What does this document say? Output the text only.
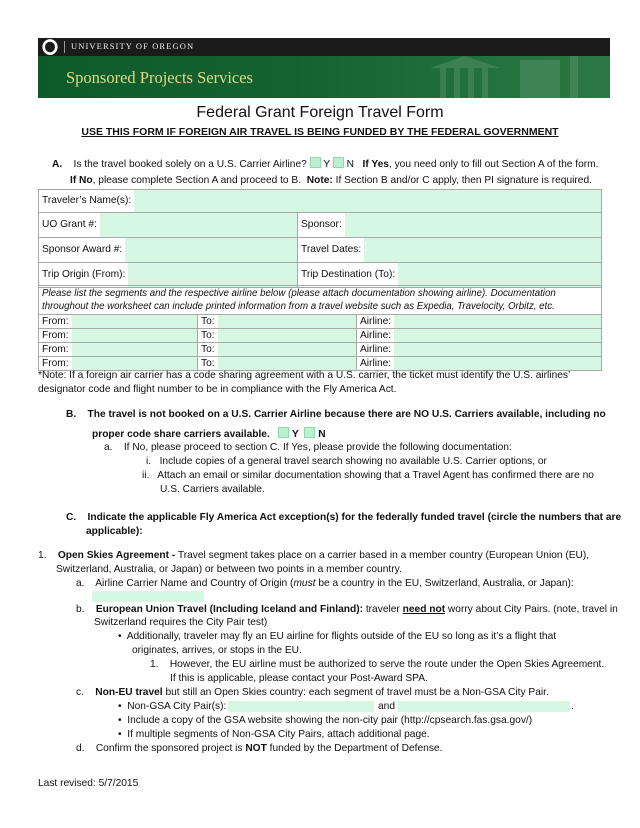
UNIVERSITY OF OREGON
Sponsored Projects Services
Federal Grant Foreign Travel Form
USE THIS FORM IF FOREIGN AIR TRAVEL IS BEING FUNDED BY THE FEDERAL GOVERNMENT
A. Is the travel booked solely on a U.S. Carrier Airline? Y N If Yes, you need only to fill out Section A of the form.
If No, please complete Section A and proceed to B. Note: If Section B and/or C apply, then PI signature is required.
Traveler’s Name(s):	
UO Grant #:	Sponsor:
Sponsor Award #:	Travel Dates:
Trip Origin (From):	Trip Destination (To):
Please list the segments and the respective airline below (please attach documentation showing airline). Documentation throughout the worksheet can include printed information from a travel website such as Expedia, Travelocity, Orbitz, etc.		
From:	To:	Airline:
From:	To:	Airline:
From:	To:	Airline:
From:	To:	Airline:
*Note: If a foreign air carrier has a code sharing agreement with a U.S. carrier, the ticket must identify the U.S. airlines’ designator code and flight number to be in compliance with the Fly America Act.
B. The travel is not booked on a U.S. Carrier Airline because there are NO U.S. Carriers available, including no
proper code share carriers available. Y N
a. If No, please proceed to section C. If Yes, please provide the following documentation:
i. Include copies of a general travel search showing no available U.S. Carrier options, or
ii. Attach an email or similar documentation showing that a Travel Agent has confirmed there are no
U.S. Carriers available.
C. Indicate the applicable Fly America Act exception(s) for the federally funded travel (circle the numbers that are
applicable):
1. Open Skies Agreement - Travel segment takes place on a carrier based in a member country (European Union (EU),
Switzerland, Australia, or Japan) or between two points in a member country.
a. Airline Carrier Name and Country of Origin (must be a country in the EU, Switzerland, Australia, or Japan):
b. European Union Travel (Including Iceland and Finland): traveler need not worry about City Pairs. (note, travel in
Switzerland requires the City Pair test)
• Additionally, traveler may fly an EU airline for flights outside of the EU so long as it’s a flight that
originates, arrives, or stops in the EU.
1. However, the EU airline must be authorized to serve the route under the Open Skies Agreement.
If this is applicable, please contact your Post-Award SPA.
c. Non-EU travel but still an Open Skies country: each segment of travel must be a Non-GSA City Pair.
• Non-GSA City Pair(s):	and	.
• Include a copy of the GSA website showing the non-city pair (http://cpsearch.fas.gsa.gov/)
• If multiple segments of Non-GSA City Pairs, attach additional page.
d. Confirm the sponsored project is NOT funded by the Department of Defense.
Last revised: 5/7/2015
